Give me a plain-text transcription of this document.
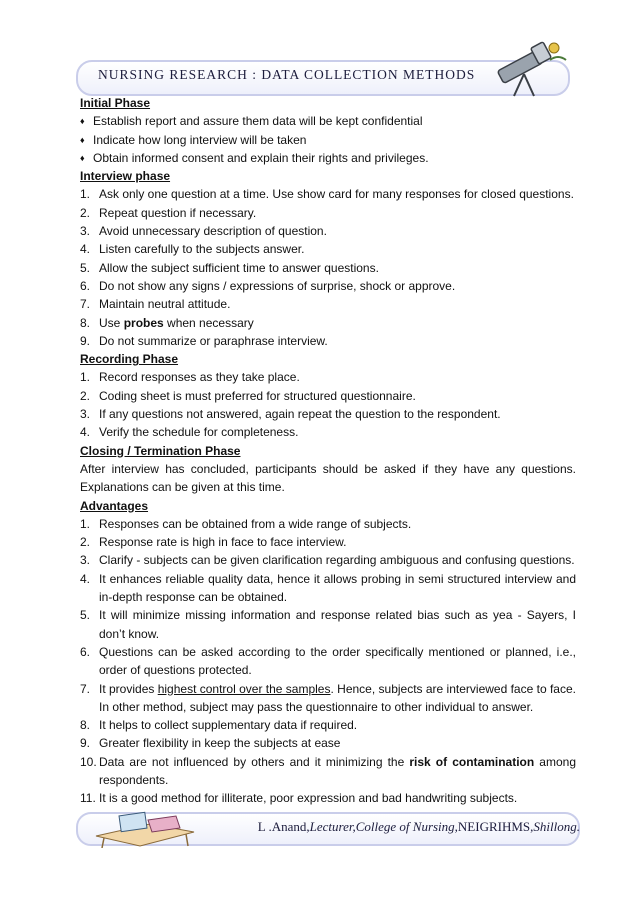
NURSING RESEARCH : DATA COLLECTION METHODS
Initial Phase
♦ Establish report and assure them data will be kept confidential
♦ Indicate how long interview will be taken
♦ Obtain informed consent and explain their rights and privileges.
Interview phase
1. Ask only one question at a time. Use show card for many responses for closed questions.
2. Repeat question if necessary.
3. Avoid unnecessary description of question.
4. Listen carefully to the subjects answer.
5. Allow the subject sufficient time to answer questions.
6. Do not show any signs / expressions of surprise, shock or approve.
7. Maintain neutral attitude.
8. Use probes when necessary
9. Do not summarize or paraphrase interview.
Recording Phase
1. Record responses as they take place.
2. Coding sheet is must preferred for structured questionnaire.
3. If any questions not answered, again repeat the question to the respondent.
4. Verify the schedule for completeness.
Closing / Termination Phase
After interview has concluded, participants should be asked if they have any questions. Explanations can be given at this time.
Advantages
1. Responses can be obtained from a wide range of subjects.
2. Response rate is high in face to face interview.
3. Clarify - subjects can be given clarification regarding ambiguous and confusing questions.
4. It enhances reliable quality data, hence it allows probing in semi structured interview and in-depth response can be obtained.
5. It will minimize missing information and response related bias such as yea - Sayers, I don’t know.
6. Questions can be asked according to the order specifically mentioned or planned, i.e., order of questions protected.
7. It provides highest control over the samples. Hence, subjects are interviewed face to face. In other method, subject may pass the questionnaire to other individual to answer.
8. It helps to collect supplementary data if required.
9. Greater flexibility in keep the subjects at ease
10. Data are not influenced by others and it minimizing the risk of contamination among respondents.
11. It is a good method for illiterate, poor expression and bad handwriting subjects.
L .Anand,Lecturer,College of Nursing,NEIGRIHMS,Shillong.
